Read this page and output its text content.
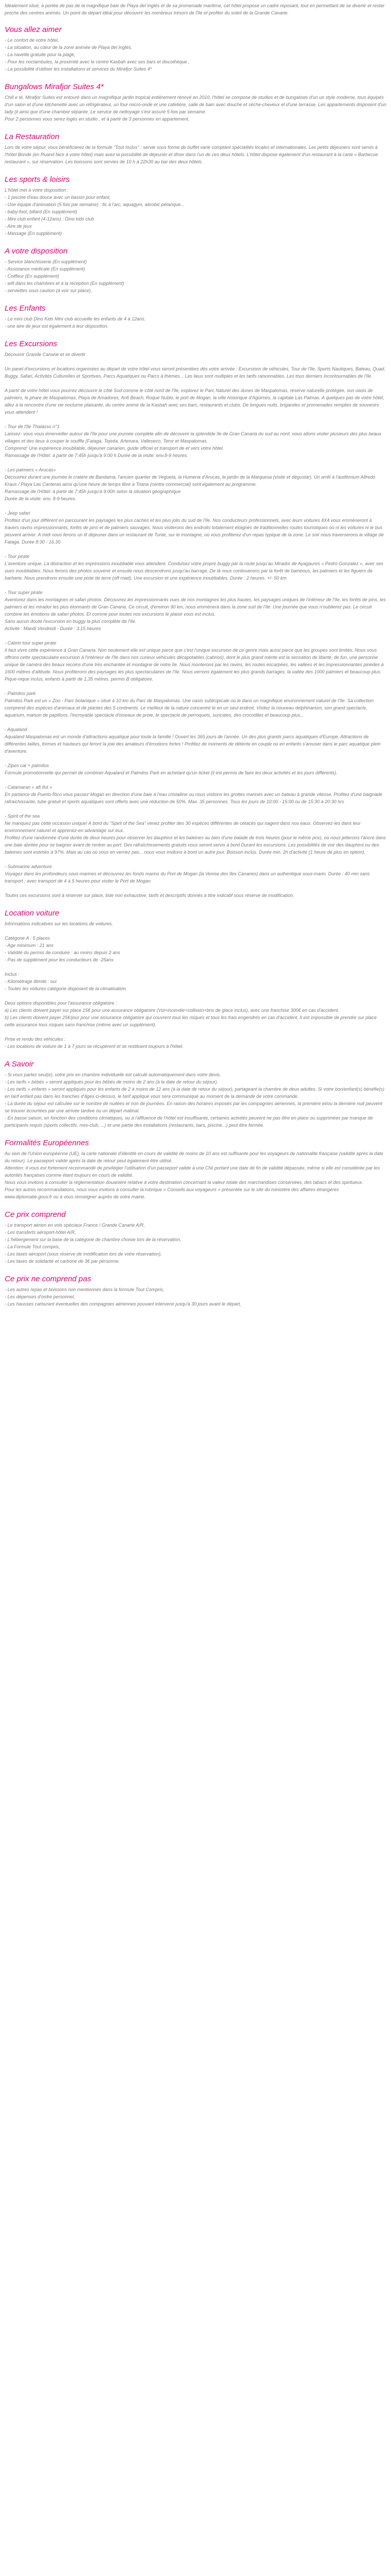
Idéalement situé, à portée de pas de la magnifique baie de Playa del Inglés et de sa promenade maritime, cet hôtel propose un cadre reposant, tout en permettant de se divertir et rester proche des centres animés. Un point de départ idéal pour découvrir les nombreux trésors de l'île et profiter du soleil de la Grande Canarie.

Vous allez aimer

- Le confort de votre hôtel,

- La situation, au cœur de la zone animée de Playa del Inglés,

- La navette gratuite pour la plage,

- Pour les noctambules, la proximité avec le centre Kasbah avec ses bars et discothèque ,

- La possibilité d'utiliser les installations et services du Mirafjor Suites 4*

Bungalows Mirafjor Suites 4*

Chill e té, Mirafjor Suites est entouré dans un magnifique jardin tropical entièrement rénové en 2010, l'hôtel se compose de studios et de bungalows d'un un style moderne, tous équipés d'un salon et d'une kitchenette avec un réfrigérateur, un four micro-onde et une cafetière, salle de bain avec douche et sèche-cheveux et d'une terrasse. Les appartements disposent d'un lady (il ainsi que d'une chambre séparée. Le service de nettoyage s'est assuré 5 fois par semaine.

Pour 2 personnes vous serez logés en studio , et à partir de 3 personnes en appartement.

La Restauration

Lors de votre séjour, vous bénéficierez de la formule "Tout Inclus" : servie sous forme de buffet varié comptant spécialités locales et internationales. Les petits déjeuners sont servis à l'hôtel Bonde (en Ruand face à votre hôtel) mais avez la possibilité de déjeuner et dîner dans l'un de ces deux hôtels. L'hôtel dispose également d'un restaurant à la carte « Barbecue restaurant », sur réservation. Les boissons sont servies de 10 h à 22h30 au bar des deux hôtels.

Les sports & loisirs

L'hôtel met à votre disposition :

- 1 piscine d'eau douce avec un bassin pour enfant,

- Une équipe d'animation (5 fois par semaine) : fic à l'arc, aquagym, aérobic pétanque...

- baby-foot, billard (En supplément)

- Mini club enfant (4-12ans) : Dino kids club

- Aire de jeux

- Massage (En supplément)

A votre disposition

- Service blanchisserie (En supplément)

- Assistance médicale (En supplément)

- Coiffeur (En supplément)

- wifi dans les chambres et à la réception (En supplément)

- serviettes sous caution (à voir sur place).

Les Enfants

- Le mini club Dino Kids Mini club accueille les enfants de 4 à 12ans.

- une aire de jeux est également à leur disposition.

Les Excursions

Découvrir Grande Canarie et se divertir

Un panel d'excursions et locations organisées au départ de votre hôtel vous seront présentées dès votre arrivée : Excursions de véhicules, Tour de l'île, Sports Nautiques, Bateau, Quad, Buggy, Safari, Activités Culturelles et Sportives, Parcs Aquatiques ou Parcs à thèmes... Les lieux sont multiples et les tarifs raisonnables. Les tous derniers incontournables de l'île.

A partir de votre hôtel vous pourrez découvrir le côté Sud comme le côté nord de l'île, explorez le Parc Naturel des dunes de Maspalomas, réserve naturelle protégée, son oasis de palmiers, le phare de Maspalomas, Playa de Amadores, Anfi Beach, Roque Nublo, le port de Mogán, la ville historique d'Agüimes, la capitale Las Palmas. A quelques pas de votre hôtel, allez à la rencontre d'une vie nocturne plaisante, du centre animé de la Kasbah avec ses bars, restaurants et clubs. De longues nuits, brigandes et promenades remplies de souvenirs vous attendent !

- Tour de l'île Thalasso n°1

Laissez- vous vous émerveiller autour de l'île pour une journée complète afin de découvrir la splendide île de Gran Canaria du sud au nord. nous allons visiter plusieurs des plus beaux villages et des lieux à couper le souffle (Fataga, Tejeda, Artenara, Valleseco, Teror et Maspalomas.

Comprend: Une expérience inoubliable, déjeuner canarien, guide officiel et transport de et vers votre hôtel.

Ramassage de l'Hôtel: à partir de 7:45h jusqu'à 9:00 h Durée de la visite: env.8-9 heures.

- Les palmiers « Arucas»

Découvrez durant une journée le cratère de Bandama, l'ancien quartier de Vegueta, la Humeria d'Arucas, le jardin de la Marquesa (visite et dégustar). Un arrêt à l'auditorium Alfredo Kraus / Playa Las Canteras ainsi qu'une heure de temps libre à Triana (centre commercial) sont également au programme.

Ramassage de l'Hôtel: à partir de 7:45h jusqu'à 9:00h selon la situation géographique

Durée de la visite: env. 8-9 heures.

- Jeep safari

Profitez d'un jour différent en parcourant les paysages les plus cachés et les plus jolis du sud de l'île. Nos conducteurs professionnels, avec leurs voitures 4X4 vous emmèneront à travers ravins impressionnants, forêts de pins et de palmiers sauvages. Nous visiterons des endroits totalement éloignés de traditionnelles routes touristiques où ni les voitures ni le bus peuvent arriver. A midi nous ferons un lit déjeuner dans un restaurant de Tunte, sur le montagne, où vous profiterez d'un repas typique de la zone. Le soir nous traverserons le village de Fataga. Durée 8:30 - 16.30

- Tour pirate

L'aventure unique. La distraction et les impressions inoubliable vous attendent. Conduisez votre propre buggy par la route jusqu'au Mirador de Ayagaures « Pedro Gonzalez », avec ses vues inoubliables. Nous ferons des photos souvenir et ensuite nous descendrons jusqu'au barrage. De là nous continuerons par la forêt de bambous, les palmiers et les figuiers de barbarie. Nous prendrons ensuite une piste de terre (off road). Une excursion et une expérience inoubliables. Durée : 2 heures. +/- 50 km

- Tour super pirate

Aventurez dans les montagnes et safari photos. Découvrez les impressionnants vues de nos montagnes les plus hautes, les paysages uniques de l'intérieur de l'île, les forêts de pins, les palmiers et les mirador les plus étonnants de Gran Canaria. Ce circuit, d'environ 90 km, nous emmènera dans la zone sud de l'île. Une journée que vous n'oublierez pas. Le circuit combine les émotions de safari photos. Et comme pour toutes nos excursions le plaisir vous est inclus.

Sans aucun doute l'excursion en buggy la plus complète de l'île.

Activité : Mandi Vendredi - Durée : 3.15 heures

- Cabrio tour super pirate

Il faut vivre cette expérience à Gran Canaria. Non seulement elle est unique parce que c'est l'unique excursion de ce genre mais aussi parce que les groupes sont limités. Nous vous offrons cette spectaculaire excursion à l'intérieur de l'île dans nos curieux véhicules décapotables (cabrios), dont le plus grand mérite est la sensation de liberté, de fun, une personne unique de caméra des beaux recoins d'une très enchantée et montagne de notre île. Nous monterons par les ravins, les routes escarpées, les vallées et les impressionnantes pinèdes à 1600 mètres d'altitude. Nous profiterons des paysages les plus spectaculaires de l'île. Nous verrons également les plus grands barrages, la vallée des 1000 palmiers et beaucoup plus. Pique-nique inclus, enfants à partir de 1,35 mètres. permis B obligatoire.

- Palmitos park

Palmitos Park est un « Zoo - Parc botanique » situé à 10 km du Parc de Maspalomas. Une oasis subtropicale où le dans un magnifique environnement naturel de l'île. Sa collection comprend des espèces d'animaux et de plantes des 5 continents. Le meilleur de la nature concentré le en un seul endroit. Visitez la nouveau delphinarium, son grand spectacle, aquarium, maison de papillons, l'incroyable spectacle d'oiseaux de proie, le spectacle de perroquets, suricates, des crocodiles et beaucoup plus...

- Aqualand

Aqualand Maspalomas est un monde d'attractions aquatique pour toute la famille ! Ouvert les 365 jours de l'année. Un des plus grands parcs aquatiques d'Europe. Attractions de différentes tailles, formes et hauteurs qui feront la joie des amateurs d'émotions fortes ! Profitez de moments de détente en couple ou en enfants s'amuser dans le parc aquatique plein d'aventure.

- Zipes cat + palmitos

Formule promotionnelle qui permet de combiner Aqualand et Palmitos Park en achetant qu'un ticket (il est permis de faire les deux activités et les jours différents).

- Catamaran « aft ifut »

En partance de Puerto Rico vous passez Mogan en direction d'une baie à l'eau cristalline ou nous visitons les grottes marines avec un bateau à grande vitesse. Profitez d'une baignade rafraichissante, tube gratuit et sports aquatiques sont offerts avec une réduction de 50%. Max. 35 personnes. Tous les jours de 10:00 - 15:00 ou de 15:30 à 20:30 hrs

- Spirit of the sea

Ne manquez pas cette occasion unique! A bord du "Spirit of the Sea" venez profiter des 30 espèces différentes de cétacés qui nagent dans nos eaux. Observez-les dans leur environnement naturel et apprenez-en advantage sur eux.

Profitez d'une randonnée d'une durée de deux heures pour observer les dauphins et les baleines au bien d'une balade de trois heures (pour le même prix), où nous jetterons l'ancre dans une baie abritée pour se baigner avant de rentrer au port. Des rafraîchissements gratuits vous seront servis à bord Durant les excursions. Les possibilités de voir des dauphins ou des baleines sont estimés à 97%. Mais au cas où vous en verriez pas... nous vous invitons à bord un autre jour. Boisson inclus. Durée min. 2h d'activité (1 heure de plus en option).

- Submarine adventure

Voyagez dans les profondeurs sous-marines et découvrez les fonds marins du Port de Mogan (la Venise des îles Canaries) dans un authentique sous-marin. Durée : 40 min sans transport ; avec transport de 4 à 5 heures pour visiter le Port de Mogan.

Toutes ces excursions sont à réserver sur place, liste non exhaustive, tarifs et descriptifs donnés à titre indicatif sous réserve de modification.

Location voiture

Informations indicatives sur les locations de voitures.

Catégorie A : 5 places

- Age minimum : 21 ans

- Validité du permis de conduire : au moins depuis 2 ans

- Pas de supplément pour les conducteurs de -25ans

Inclus :

- Kilométrage illimité : oui

- Toutes les voitures catégorie disposent de la climatisation.

Deux options disponibles pour l'assurance obligatoire :

a) Les clients doivent payer sur place 15€ pour une assurance obligatoire (Vol+incendie+collision+bris de glace inclus), avec une franchise 300€ en cas d'accident.

b) Les clients doivent payer 25€/jour pour une assurance obligatoire qui couvrent tous les risques et tous les frais engendrés en cas d'accident. Il est impossible de prendre sur place cette assurance tous risques sans franchise (même avec un supplément).

Prise et rendu des véhicules :

- Les locations de voiture de 1 à 7 jours se récupèrent et se restituent toujours à l'hôtel.

A Savoir

- Si vous partez seul(e), votre prix en chambre individuelle est calculé automatiquement dans votre devis.

- Les tarifs « bébés » seront appliqués pour les bébés de moins de 2 ans (à la date de retour du séjour).

- Les tarifs « enfants » seront appliqués pour les enfants de 2 à moins de 12 ans (à la date de retour du séjour), partageant la chambre de deux adultes. Si votre bon/enfant(s) bénéfie(s) en tarif enfant pas dans les tranches d'âges ci-dessus, le tarif appliqué vous sera communiqué au moment de la demande de votre commande.

- La durée du séjour est calculée sur le nombre de nuitées et non de journées. En raison des horaires imposés par les compagnies aériennes, la première et/ou la dernière nuit peuvent se trouver écourtées par une arrivée tardive ou un départ matinal.

- En basse saison, en fonction des conditions climatiques, ou à l'affluence de l'hôtel est insuffisante, certaines activités peuvent ne pas être en place ou supprimées par manque de participants requis (sports collectifs, mini-club, ...) et une partie des installations (restaurants, bars, piscine...) peut être fermée.

Formalités Européennes

Au sein de l'Union européenne (UE), la carte nationale d'identité en cours de validité de moins de 10 ans est suffisante pour les voyageurs de nationalité française (validité après la date du retour). Le passeport valide après la date de retour peut également être utilisé.

Attention: Il vous est fortement recommandé de privilégier l'utilisation d'un passeport valide à une CNI portant une date de fin de validité dépassée, même si elle est considérée par les autorités françaises comme étant toujours en cours de validité.

Nous vous invitons à consulter la réglementation douanière relative à votre destination concernant la valeur totale des marchandises conservées, des tabacs et des spiritueux.

Pour les autres recommandations, nous vous invitons à consulter la rubrique « Conseils aux voyageurs » présentée sur le site du ministère des affaires étrangères www.diplomatie.gouv.fr ou à vous renseigner auprès de votre mairie.

Ce prix comprend

- Le transport aérien en vols spéciaux France / Grande Canarie A/R,

- Les transferts aéroport-hôtel A/R,

- L'hébergement sur la base de la catégorie de chambre choisie lors de la réservation,

- La Formule Tout compris,

- Les taxes aéroport (sous réserve de modification lors de votre réservation),

- Les taxes de solidarité et carbone de 3€ par personne.

Ce prix ne comprend pas

- Les autres repas et boissons non mentionnés dans la formule Tout Compris,

- Les dépenses d'ordre personnel,

- Les hausses carburant éventuelles des compagnies aériennes pouvant intervenir jusqu'à 30 jours avant le départ,
